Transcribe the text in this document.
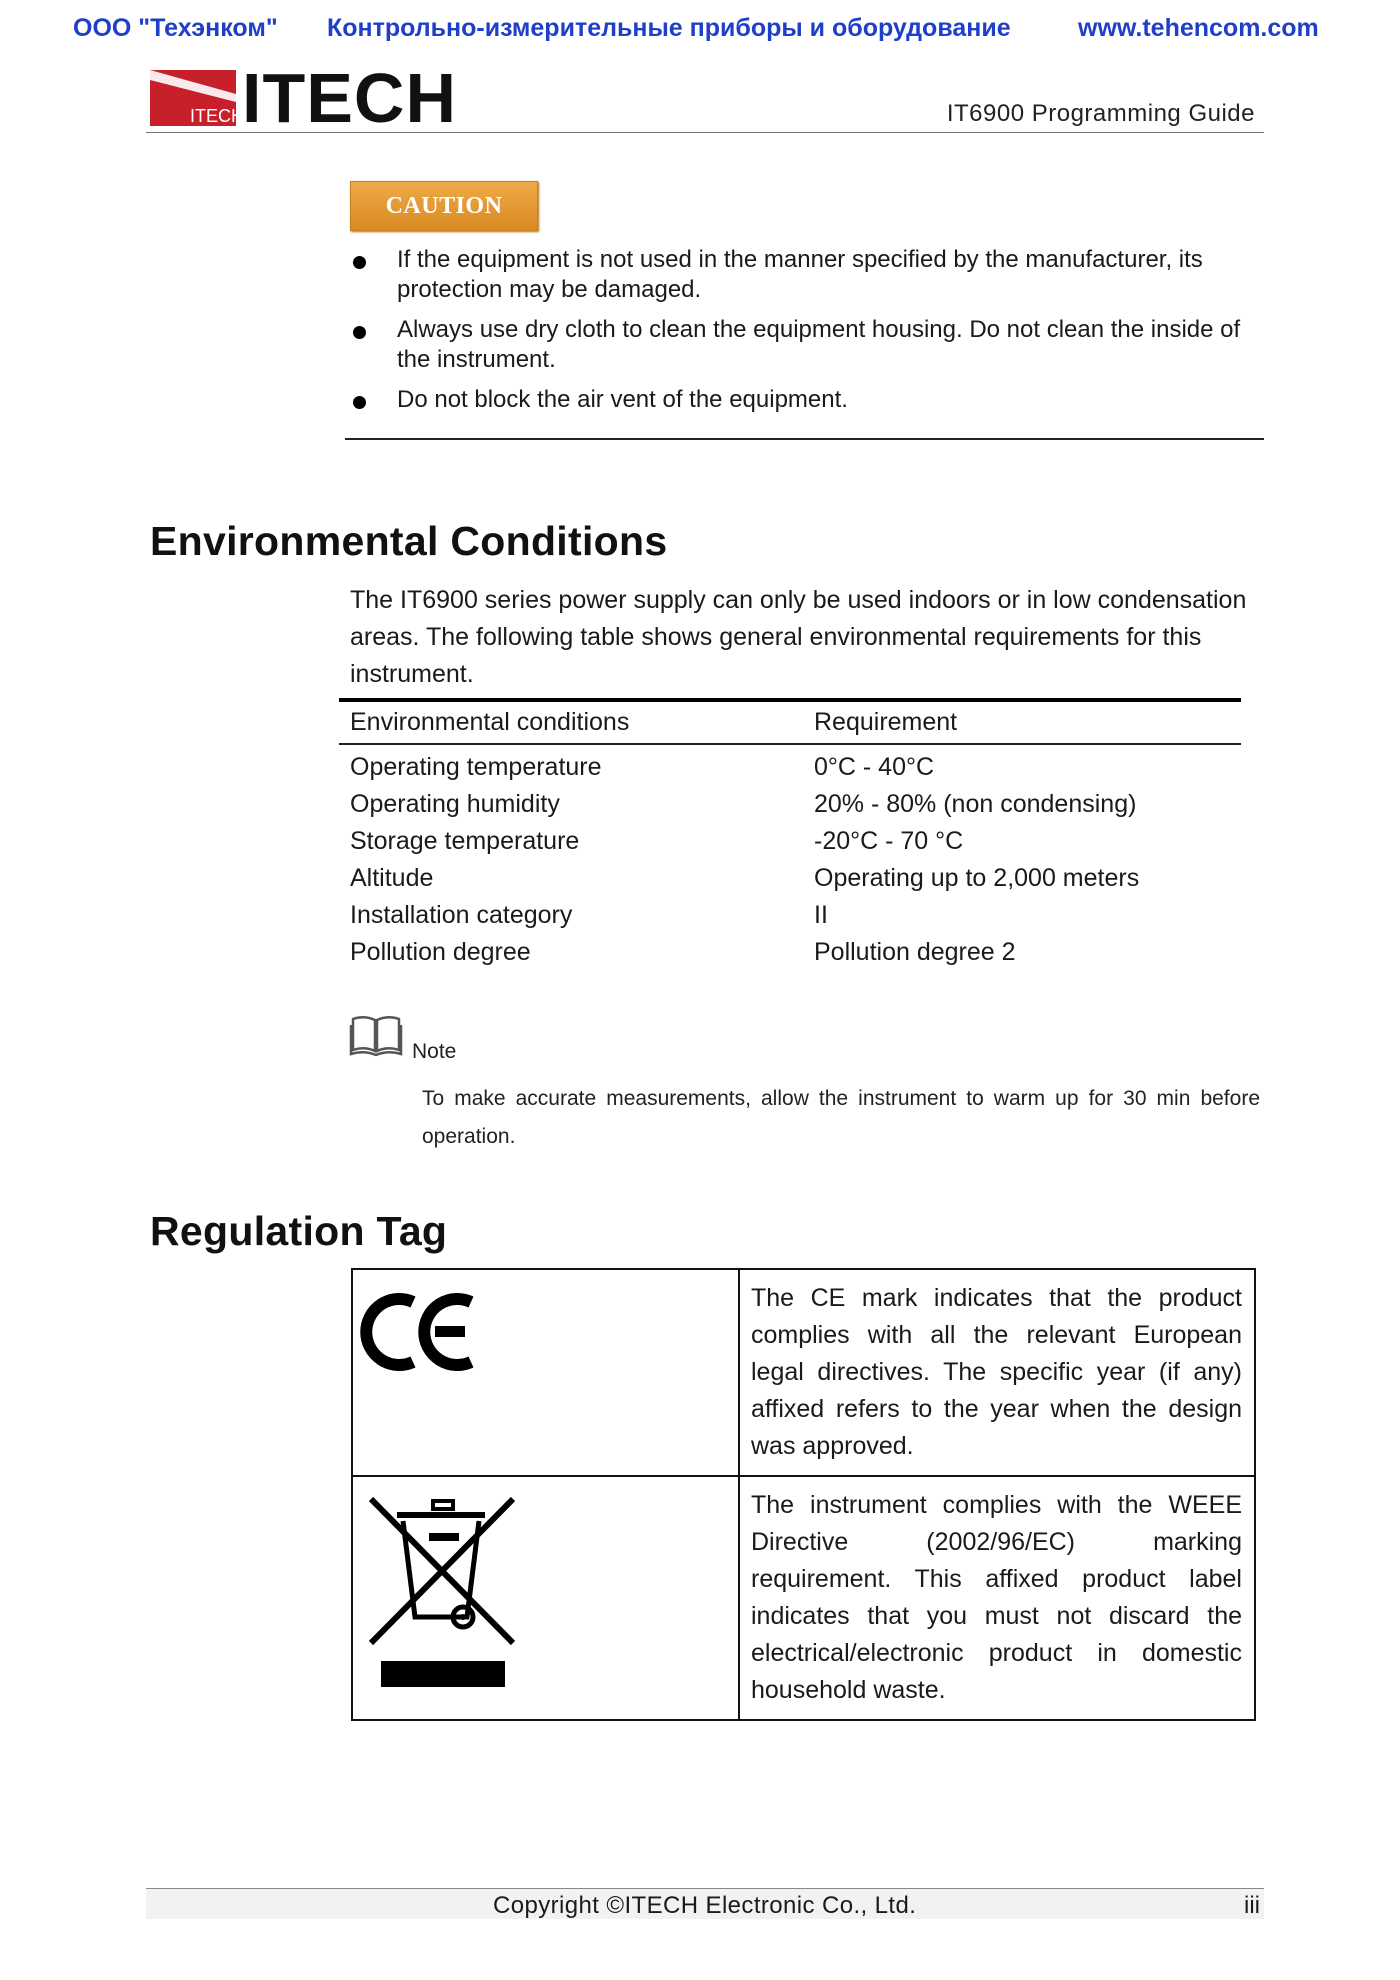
ООО "Техэнком" Контрольно-измерительные приборы и оборудование	www.tehencom.com
ITECH
ITECH	IT6900 Programming Guide
CAUTION
If the equipment is not used in the manner specified by the manufacturer, its protection may be damaged.
Always use dry cloth to clean the equipment housing. Do not clean the inside of the instrument.
Do not block the air vent of the equipment.
Environmental Conditions
The IT6900 series power supply can only be used indoors or in low condensation areas. The following table shows general environmental requirements for this instrument.
Environmental conditions	Requirement
Operating temperature	0°C - 40°C
Operating humidity	20% - 80% (non condensing)
Storage temperature	-20°C - 70 °C
Altitude	Operating up to 2,000 meters
Installation category	II
Pollution degree	Pollution degree 2
Note
To make accurate measurements, allow the instrument to warm up for 30 min before operation.
Regulation Tag
	The CE mark indicates that the product complies with all the relevant European legal directives. The specific year (if any) affixed refers to the year when the design was approved.

	The instrument complies with the WEEE Directive (2002/96/EC) marking requirement. This affixed product label indicates that you must not discard the electrical/electronic product in domestic household waste.
Copyright ©ITECH Electronic Co., Ltd.	iii
